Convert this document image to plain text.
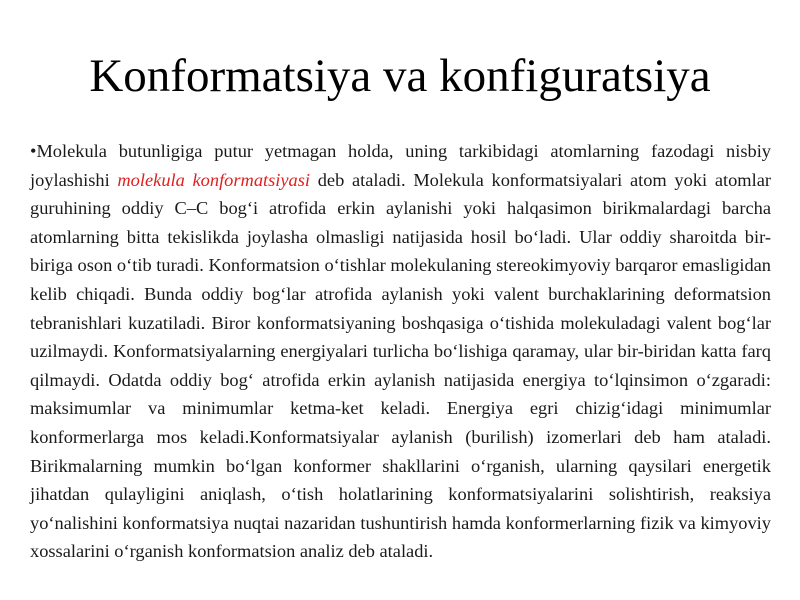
Konformatsiya va konfiguratsiya

•Molekula butunligiga putur yetmagan holda, uning tarkibidagi atomlarning fazodagi nisbiy joylashishi molekula konformatsiyasi deb ataladi. Molekula konformatsiyalari atom yoki atomlar guruhining oddiy C–C bog‘i atrofida erkin aylanishi yoki halqasimon birikmalardagi barcha atomlarning bitta tekislikda joylasha olmasligi natijasida hosil bo‘ladi. Ular oddiy sharoitda bir-biriga oson o‘tib turadi. Konformatsion o‘tishlar molekulaning stereokimyoviy barqaror emasligidan kelib chiqadi. Bunda oddiy bog‘lar atrofida aylanish yoki valent burchaklarining deformatsion tebranishlari kuzatiladi. Biror konformatsiyaning boshqasiga o‘tishida molekuladagi valent bog‘lar uzilmaydi. Konformatsiyalarning energiyalari turlicha bo‘lishiga qaramay, ular bir-biridan katta farq qilmaydi. Odatda oddiy bog‘ atrofida erkin aylanish natijasida energiya to‘lqinsimon o‘zgaradi: maksimumlar va minimumlar ketma-ket keladi. Energiya egri chizig‘idagi minimumlar konformerlarga mos keladi.Konformatsiyalar aylanish (burilish) izomerlari deb ham ataladi. Birikmalarning mumkin bo‘lgan konformer shakllarini o‘rganish, ularning qaysilari energetik jihatdan qulayligini aniqlash, o‘tish holatlarining konformatsiyalarini solishtirish, reaksiya yo‘nalishini konformatsiya nuqtai nazaridan tushuntirish hamda konformerlarning fizik va kimyoviy xossalarini o‘rganish konformatsion analiz deb ataladi.
